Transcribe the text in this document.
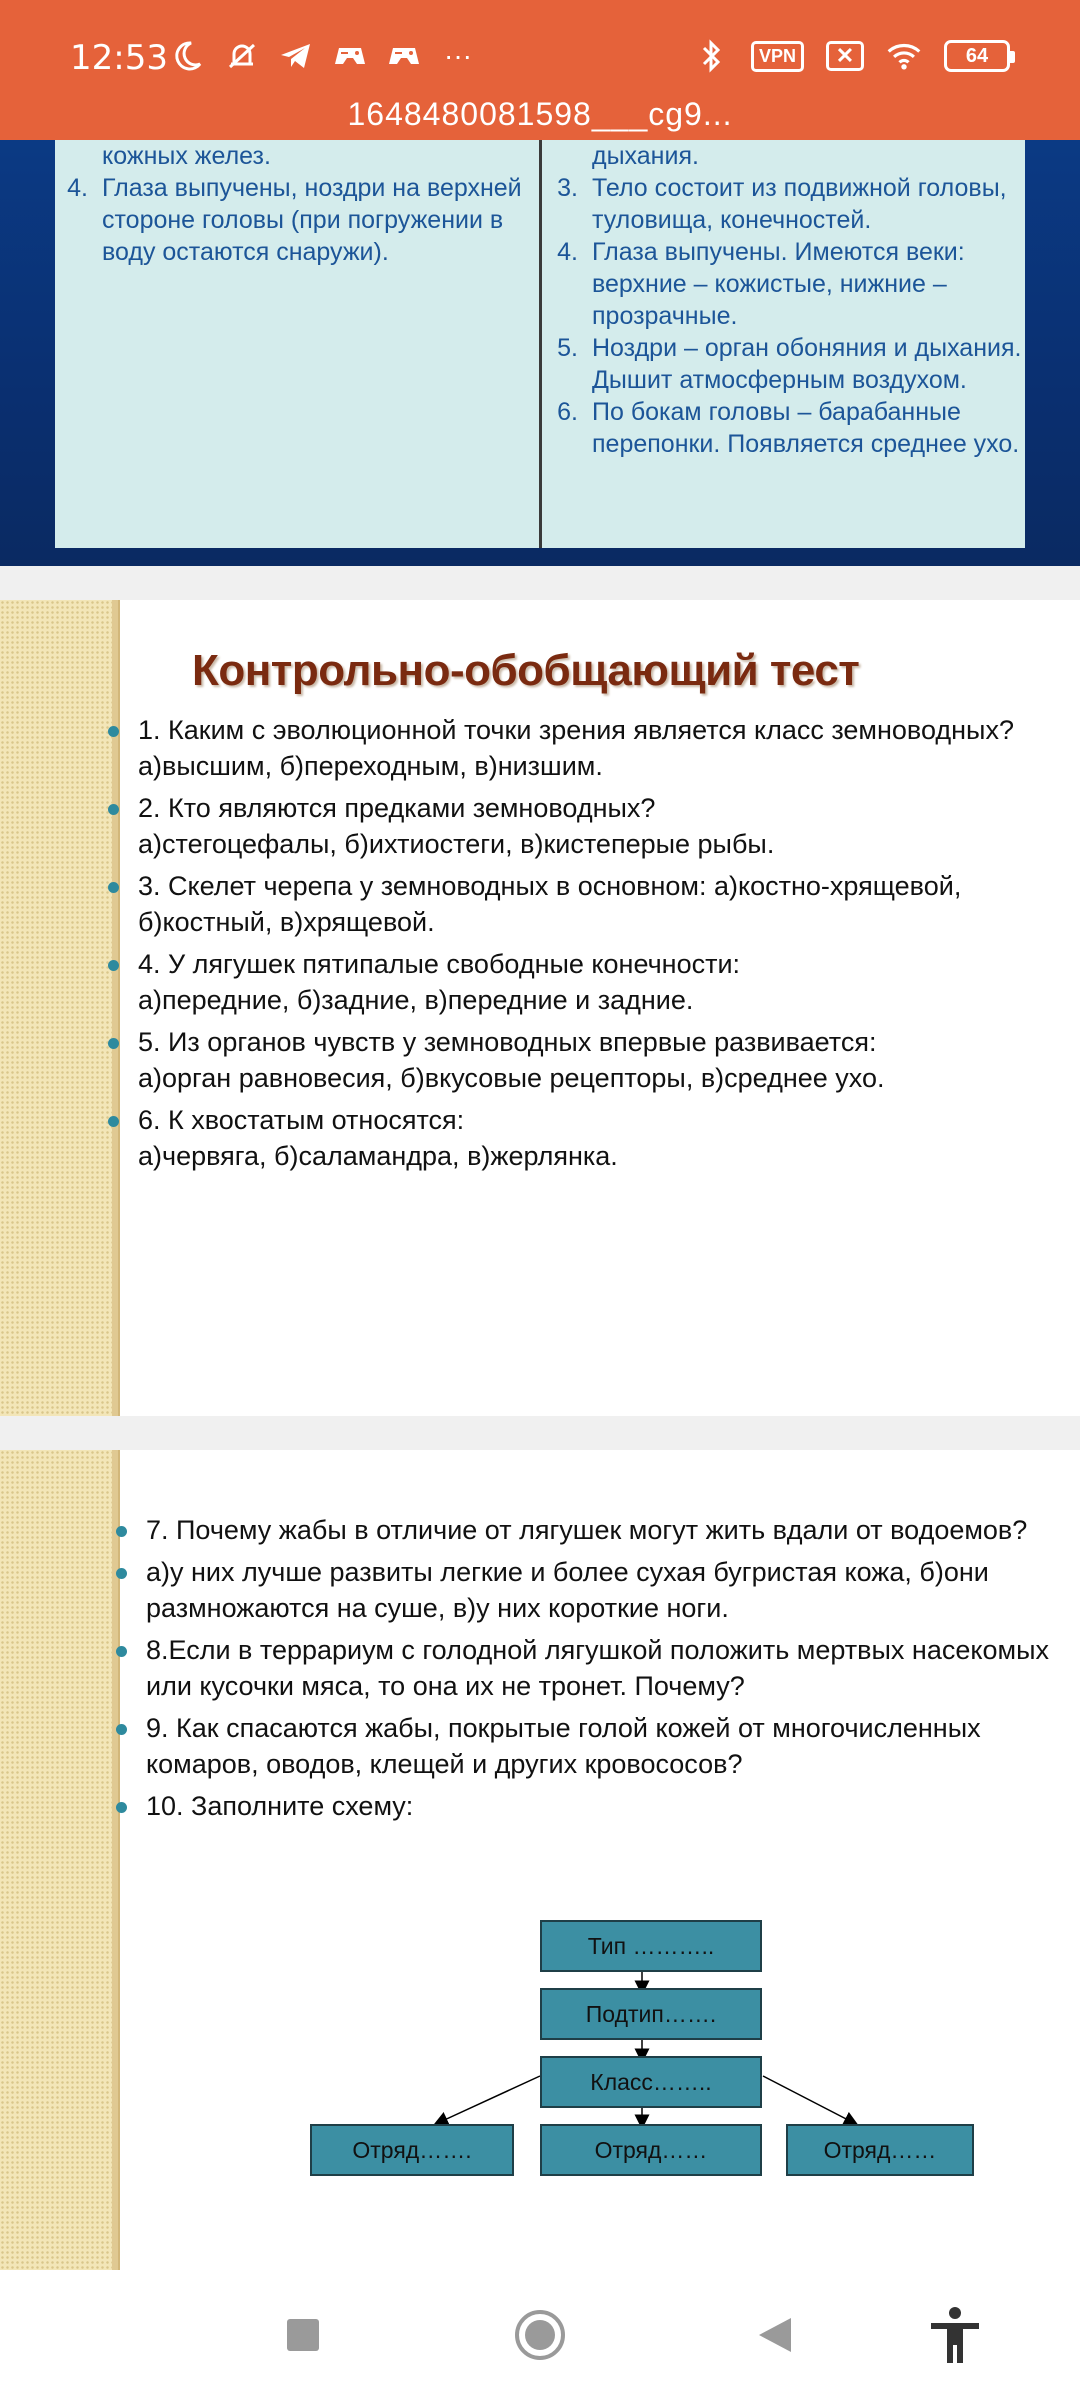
12:53	···	VPN	✕	64
1648480081598___cg9...
кожных желез.
4. Глаза выпучены, ноздри на верхней стороне головы (при погружении в воду остаются снаружи).
дыхания.
3. Тело состоит из подвижной головы, туловища, конечностей.
4. Глаза выпучены. Имеются веки: верхние – кожистые, нижние – прозрачные.
5. Ноздри – орган обоняния и дыхания. Дышит атмосферным воздухом.
6. По бокам головы – барабанные перепонки. Появляется среднее ухо.
Контрольно-обобщающий тест
1. Каким с эволюционной точки зрения является класс земноводных?
а)высшим, б)переходным, в)низшим.
2. Кто являются предками земноводных?
а)стегоцефалы, б)ихтиостеги, в)кистеперые рыбы.
3. Скелет черепа у земноводных в основном: а)костно-хрящевой,
б)костный, в)хрящевой.
4. У лягушек пятипалые свободные конечности:
а)передние, б)задние, в)передние и задние.
5. Из органов чувств у земноводных впервые развивается:
а)орган равновесия, б)вкусовые рецепторы, в)среднее ухо.
6. К хвостатым относятся:
а)червяга, б)саламандра, в)жерлянка.
7. Почему жабы в отличие от лягушек могут жить вдали от водоемов?
а)у них лучше развиты легкие и более сухая бугристая кожа, б)они размножаются на суше, в)у них короткие ноги.
8.Если в террариум с голодной лягушкой положить мертвых насекомых или кусочки мяса, то она их не тронет. Почему?
9. Как спасаются жабы, покрытые голой кожей от многочисленных комаров, оводов, клещей и других кровососов?
10. Заполните схему:
Тип ………..
Подтип…….
Класс……..
Отряд…….	Отряд……	Отряд……
